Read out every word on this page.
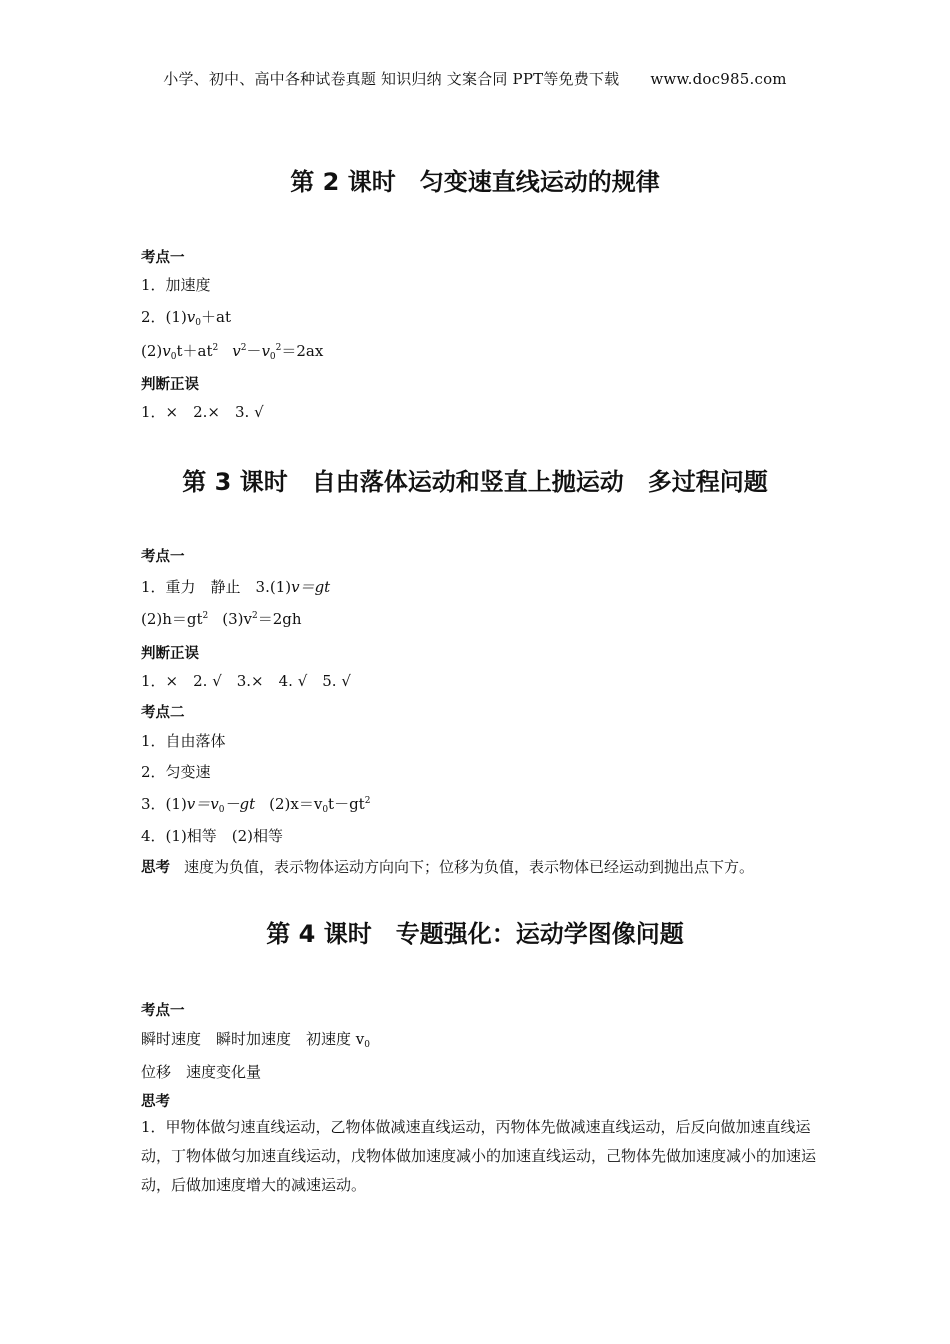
小学、初中、高中各种试卷真题 知识归纳 文案合同 PPT等免费下载 www.doc985.com
第 2 课时　匀变速直线运动的规律
考点一
1．加速度
2．$(1)v_0+at$
$(2)v_0t+at^2$ $v^2-v_0^2=2ax$
判断正误
1．×　2.×　3. √
第 3 课时　自由落体运动和竖直上抛运动　多过程问题
考点一
1．重力　静止　3.(1)v＝gt
$(2)h=gt^2$ $(3)v^2=2gh$
判断正误
1．×　2. √　3.×　4. √　5. √
考点二
1．自由落体
2．匀变速
3．$(1)v=v_0-gt$ $(2)x=v_0t-gt^2$
4．(1)相等　(2)相等
思考 速度为负值，表示物体运动方向向下；位移为负值，表示物体已经运动到抛出点下方。
第 4 课时　专题强化：运动学图像问题
考点一
瞬时速度　瞬时加速度　初速度 $v_0$
位移　速度变化量
思考
1．甲物体做匀速直线运动，乙物体做减速直线运动，丙物体先做减速直线运动，后反向做加速直线运动，丁物体做匀加速直线运动，戊物体做加速度减小的加速直线运动，己物体先做加速度减小的加速运动，后做加速度增大的减速运动。
